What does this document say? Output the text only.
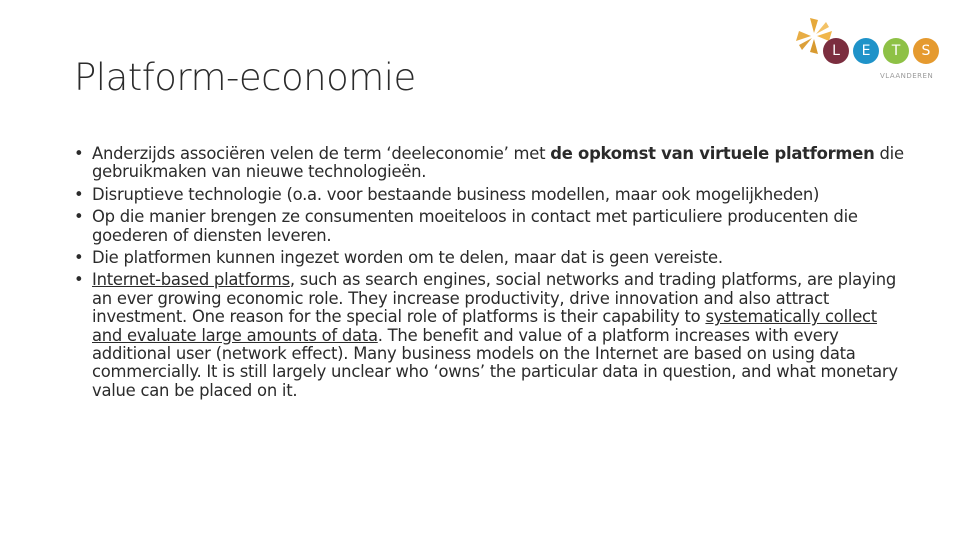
Platform-economie
L	E	T	S
VLAANDEREN
• Anderzijds associëren velen de term ‘deeleconomie’ met de opkomst van virtuele platformen die gebruikmaken van nieuwe technologieën.
• Disruptieve technologie (o.a. voor bestaande business modellen, maar ook mogelijkheden)
• Op die manier brengen ze consumenten moeiteloos in contact met particuliere producenten die goederen of diensten leveren.
• Die platformen kunnen ingezet worden om te delen, maar dat is geen vereiste.
• Internet-based platforms, such as search engines, social networks and trading platforms, are playing an ever growing economic role. They increase productivity, drive innovation and also attract investment. One reason for the special role of platforms is their capability to systematically collect and evaluate large amounts of data. The benefit and value of a platform increases with every additional user (network effect). Many business models on the Internet are based on using data commercially. It is still largely unclear who ‘owns’ the particular data in question, and what monetary value can be placed on it.
